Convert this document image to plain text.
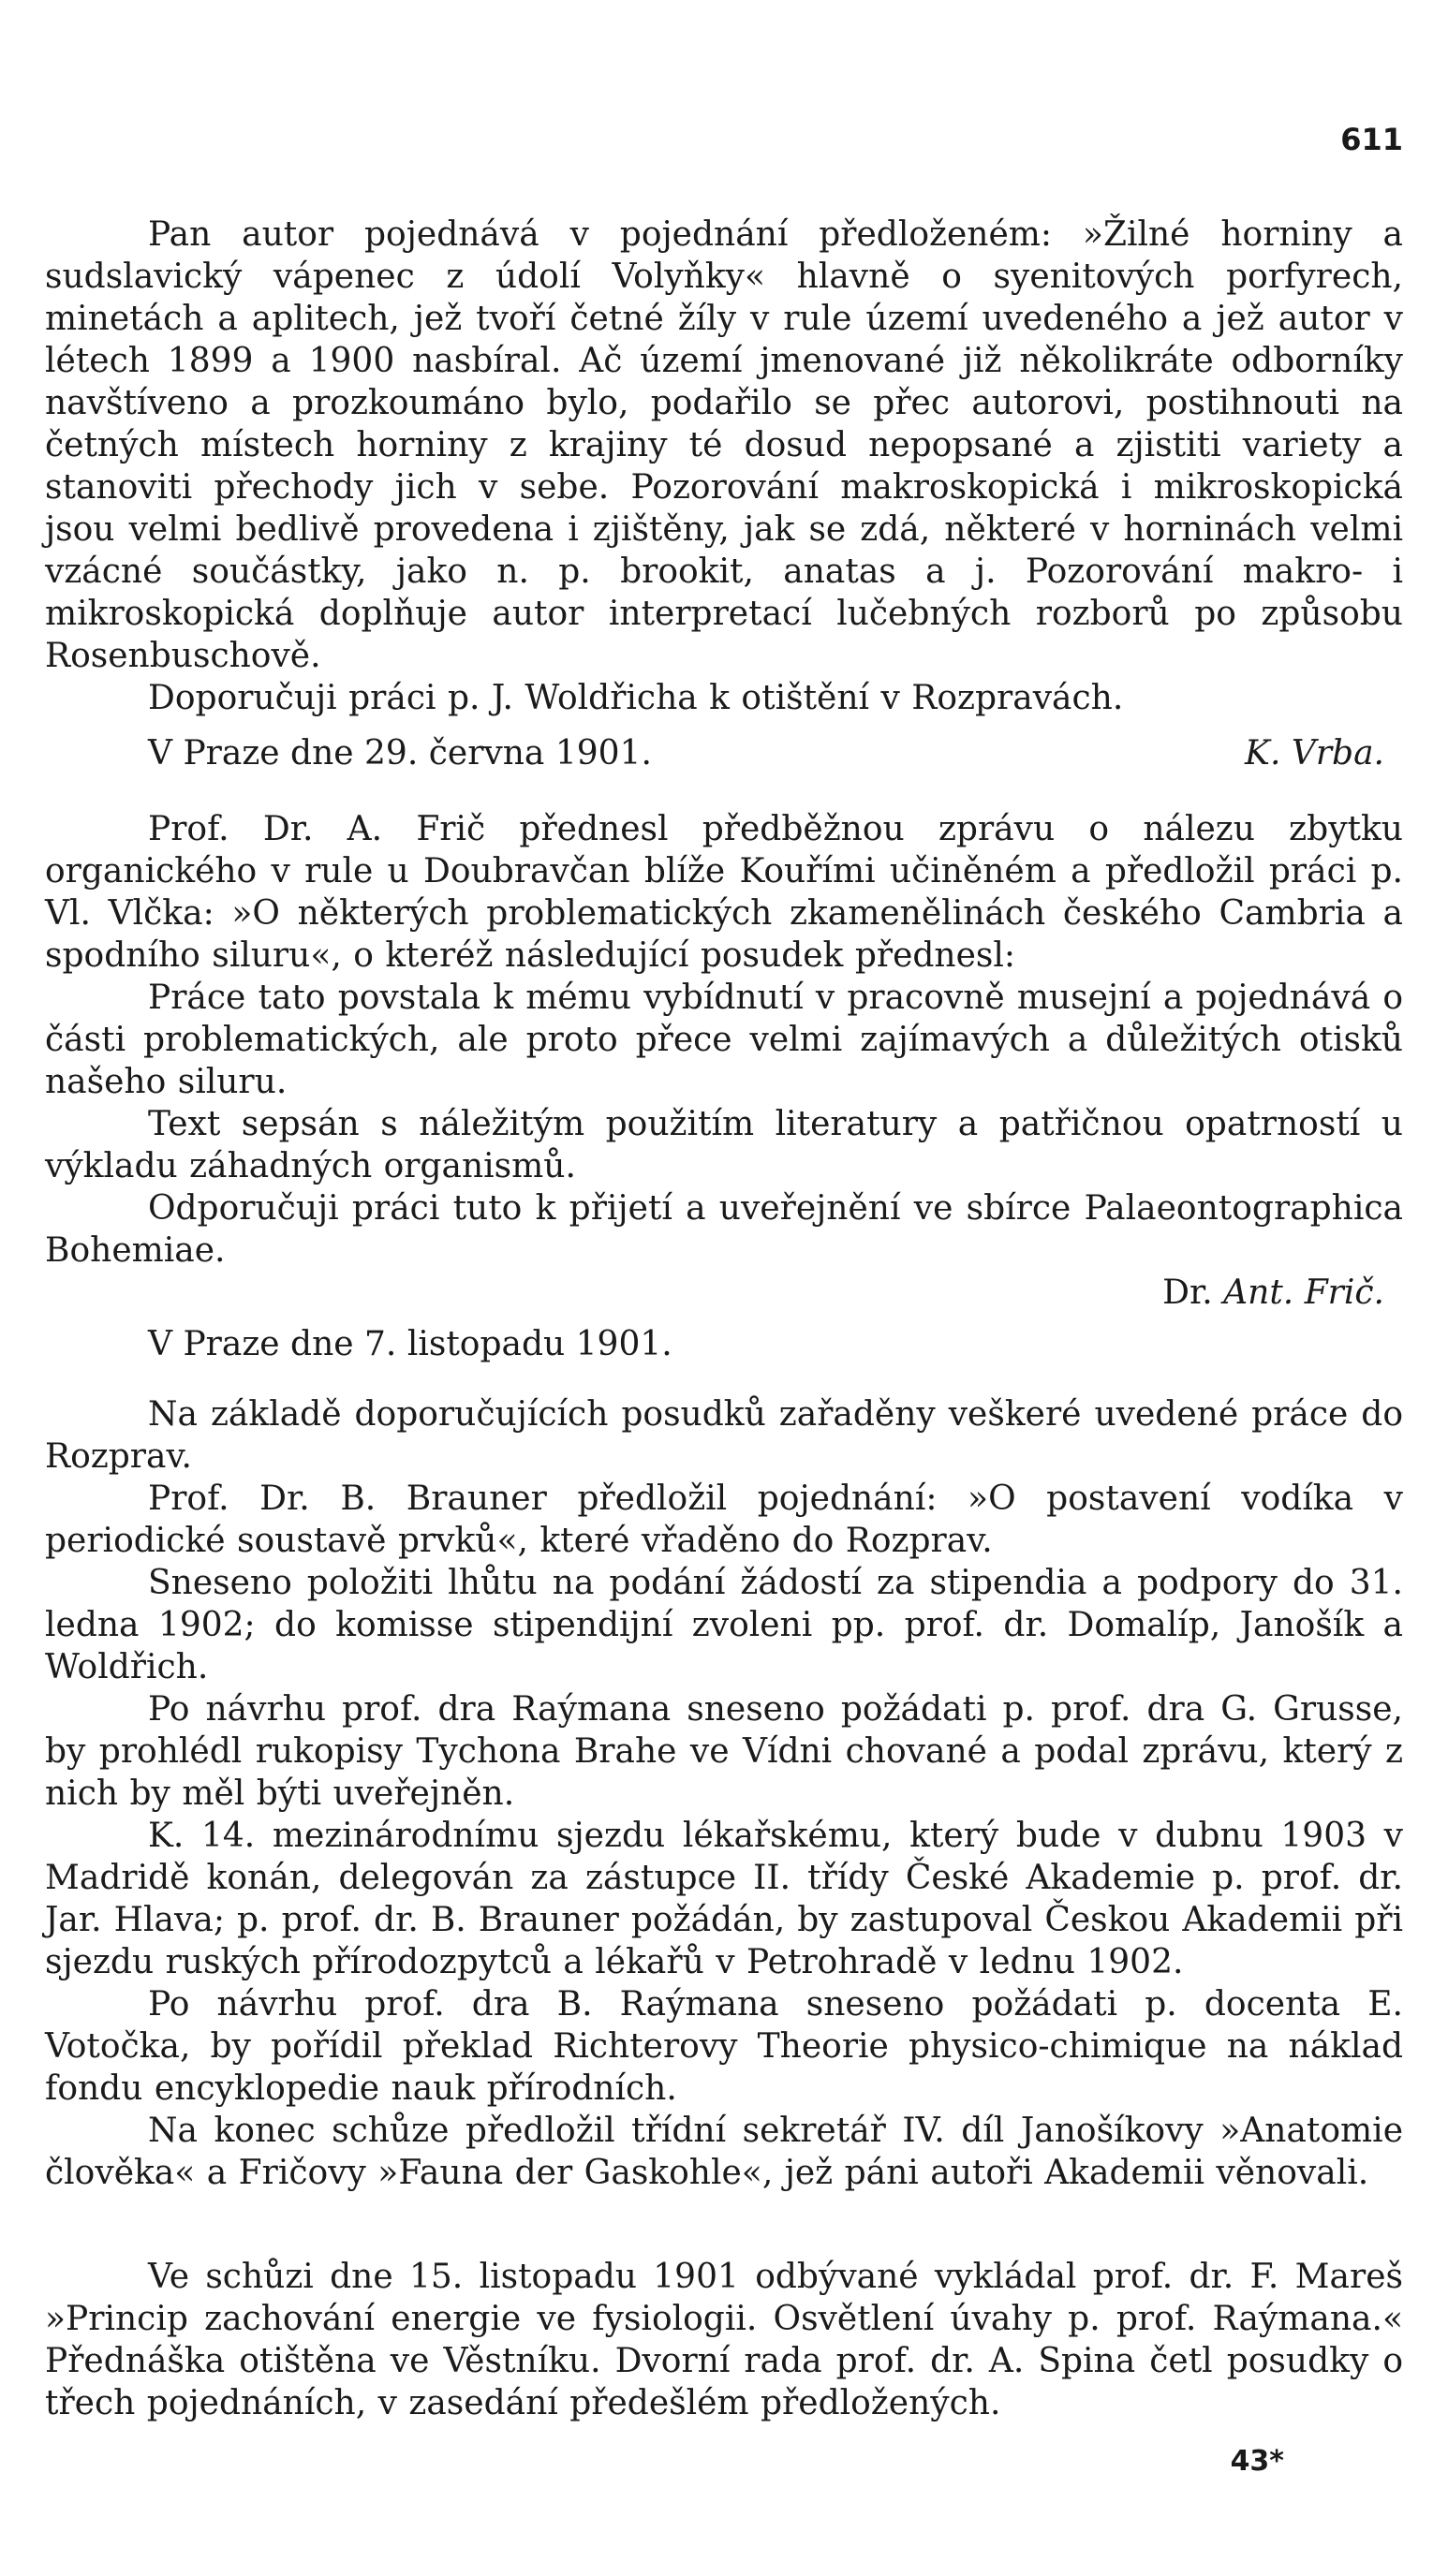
611

Pan autor pojednává v pojednání předloženém: »Žilné horniny a sudslavický vápenec z údolí Volyňky« hlavně o syenitových porfyrech, minetách a aplitech, jež tvoří četné žíly v rule území uvedeného a jež autor v létech 1899 a 1900 nasbíral. Ač území jmenované již několikráte odborníky navštíveno a prozkoumáno bylo, podařilo se přec autorovi, postihnouti na četných místech horniny z krajiny té dosud nepopsané a zjistiti variety a stanoviti přechody jich v sebe. Pozorování makroskopická i mikroskopická jsou velmi bedlivě provedena i zjištěny, jak se zdá, některé v horninách velmi vzácné součástky, jako n. p. brookit, anatas a j. Pozorování makro- i mikroskopická doplňuje autor interpretací lučebných rozborů po způsobu Rosenbuschově.

Doporučuji práci p. J. Woldřicha k otištění v Rozpravách.

V Praze dne 29. června 1901.	K. Vrba.

Prof. Dr. A. Frič přednesl předběžnou zprávu o nálezu zbytku organického v rule u Doubravčan blíže Kouřími učiněném a předložil práci p. Vl. Vlčka: »O některých problematických zkamenělinách českého Cambria a spodního siluru«, o kteréž následující posudek přednesl:

Práce tato povstala k mému vybídnutí v pracovně musejní a pojednává o části problematických, ale proto přece velmi zajímavých a důležitých otisků našeho siluru.

Text sepsán s náležitým použitím literatury a patřičnou opatrností u výkladu záhadných organismů.

Odporučuji práci tuto k přijetí a uveřejnění ve sbírce Palaeontographica Bohemiae.

Dr. Ant. Frič.
V Praze dne 7. listopadu 1901.

Na základě doporučujících posudků zařaděny veškeré uvedené práce do Rozprav.

Prof. Dr. B. Brauner předložil pojednání: »O postavení vodíka v periodické soustavě prvků«, které vřaděno do Rozprav.

Sneseno položiti lhůtu na podání žádostí za stipendia a podpory do 31. ledna 1902; do komisse stipendijní zvoleni pp. prof. dr. Domalíp, Janošík a Woldřich.

Po návrhu prof. dra Raýmana sneseno požádati p. prof. dra G. Grusse, by prohlédl rukopisy Tychona Brahe ve Vídni chované a podal zprávu, který z nich by měl býti uveřejněn.

K. 14. mezinárodnímu sjezdu lékařskému, který bude v dubnu 1903 v Madridě konán, delegován za zástupce II. třídy České Akademie p. prof. dr. Jar. Hlava; p. prof. dr. B. Brauner požádán, by zastupoval Českou Akademii při sjezdu ruských přírodozpytců a lékařů v Petrohradě v lednu 1902.

Po návrhu prof. dra B. Raýmana sneseno požádati p. docenta E. Votočka, by pořídil překlad Richterovy Theorie physico-chimique na náklad fondu encyklopedie nauk přírodních.

Na konec schůze předložil třídní sekretář IV. díl Janošíkovy »Anatomie člověka« a Fričovy »Fauna der Gaskohle«, jež páni autoři Akademii věnovali.

Ve schůzi dne 15. listopadu 1901 odbývané vykládal prof. dr. F. Mareš »Princip zachování energie ve fysiologii. Osvětlení úvahy p. prof. Raýmana.« Přednáška otištěna ve Věstníku. Dvorní rada prof. dr. A. Spina četl posudky o třech pojednáních, v zasedání předešlém předložených.

43*
